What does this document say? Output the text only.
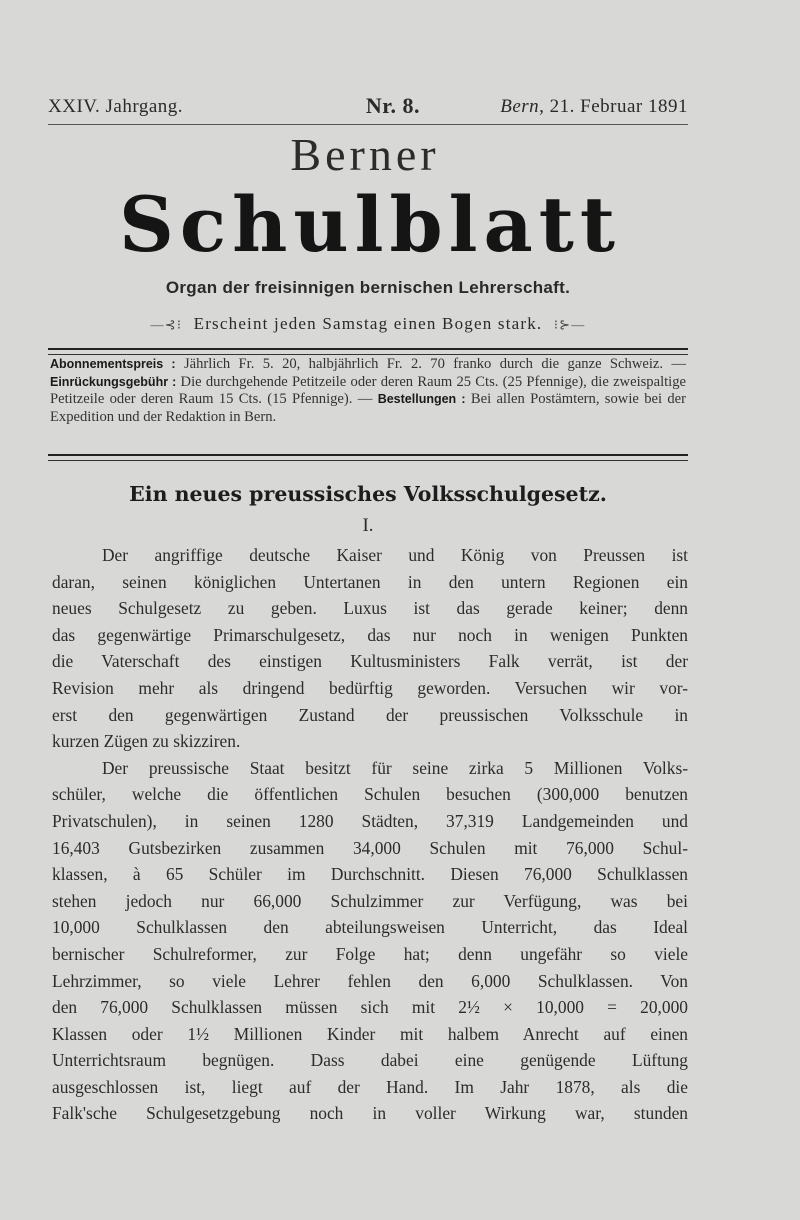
XXIV. Jahrgang.	Nr. 8.	Bern, 21. Februar 1891
Berner
Schulblatt
Organ der freisinnigen bernischen Lehrerschaft.
—⊰⁝ Erscheint jeden Samstag einen Bogen stark. ⁝⊱—
Abonnementspreis : Jährlich Fr. 5. 20, halbjährlich Fr. 2. 70 franko durch die ganze Schweiz. — Einrückungsgebühr : Die durchgehende Petitzeile oder deren Raum 25 Cts. (25 Pfennige), die zweispaltige Petitzeile oder deren Raum 15 Cts. (15 Pfennige). — Bestellungen : Bei allen Postämtern, sowie bei der Expedition und der Redaktion in Bern.
Ein neues preussisches Volksschulgesetz.
I.
Der angriffige deutsche Kaiser und König von Preussen ist
daran, seinen königlichen Untertanen in den untern Regionen ein
neues Schulgesetz zu geben. Luxus ist das gerade keiner; denn
das gegenwärtige Primarschulgesetz, das nur noch in wenigen Punkten
die Vaterschaft des einstigen Kultusministers Falk verrät, ist der
Revision mehr als dringend bedürftig geworden. Versuchen wir vor-
erst den gegenwärtigen Zustand der preussischen Volksschule in
kurzen Zügen zu skizziren.
Der preussische Staat besitzt für seine zirka 5 Millionen Volks-
schüler, welche die öffentlichen Schulen besuchen (300,000 benutzen
Privatschulen), in seinen 1280 Städten, 37,319 Landgemeinden und
16,403 Gutsbezirken zusammen 34,000 Schulen mit 76,000 Schul-
klassen, à 65 Schüler im Durchschnitt. Diesen 76,000 Schulklassen
stehen jedoch nur 66,000 Schulzimmer zur Verfügung, was bei
10,000 Schulklassen den abteilungsweisen Unterricht, das Ideal
bernischer Schulreformer, zur Folge hat; denn ungefähr so viele
Lehrzimmer, so viele Lehrer fehlen den 6,000 Schulklassen. Von
den 76,000 Schulklassen müssen sich mit 2½ × 10,000 = 20,000
Klassen oder 1½ Millionen Kinder mit halbem Anrecht auf einen
Unterrichtsraum begnügen. Dass dabei eine genügende Lüftung
ausgeschlossen ist, liegt auf der Hand. Im Jahr 1878, als die
Falk'sche Schulgesetzgebung noch in voller Wirkung war, stunden
